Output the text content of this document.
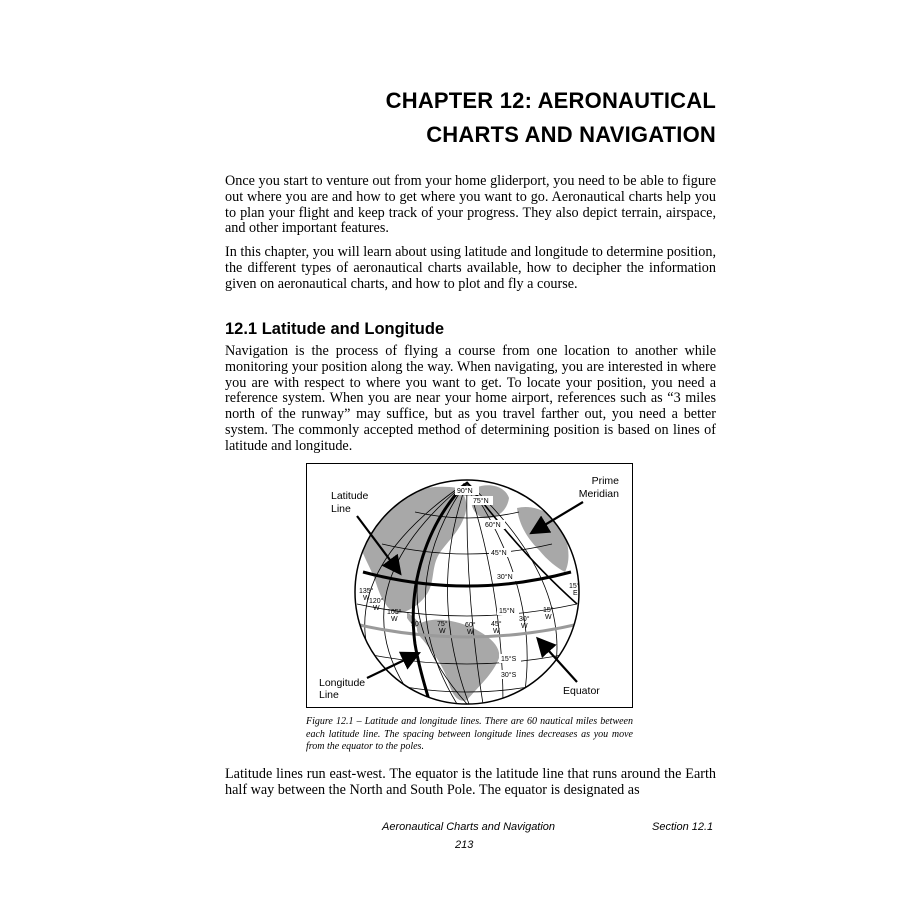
CHAPTER 12: AERONAUTICAL
CHARTS AND NAVIGATION

Once you start to venture out from your home gliderport, you need to be able to figure out where you are and how to get where you want to go. Aeronautical charts help you to plan your flight and keep track of your progress. They also depict terrain, airspace, and other important features.

In this chapter, you will learn about using latitude and longitude to determine position, the different types of aeronautical charts available, how to decipher the information given on aeronautical charts, and how to plot and fly a course.

12.1 Latitude and Longitude

Navigation is the process of flying a course from one location to another while monitoring your position along the way. When navigating, you are interested in where you are with respect to where you want to get. To locate your position, you need a reference system. When you are near your home airport, references such as “3 miles north of the runway” may suffice, but as you travel farther out, you need a better system. The commonly accepted method of determining position is based on lines of latitude and longitude.

90°N
75°N
60°N
45°N
30°N
15°N
15°S
30°S
135°
W 120°
W
105°
W
90° 75°
W
60°
W
45°
W
30°
W
15°
W
15°
E
Latitude
Line
Prime
Meridian
Longitude
Line	Equator

Figure 12.1 – Latitude and longitude lines. There are 60 nautical miles between each latitude line. The spacing between longitude lines decreases as you move from the equator to the poles.

Latitude lines run east-west. The equator is the latitude line that runs around the Earth half way between the North and South Pole. The equator is designated as

Aeronautical Charts and Navigation	Section 12.1

213
